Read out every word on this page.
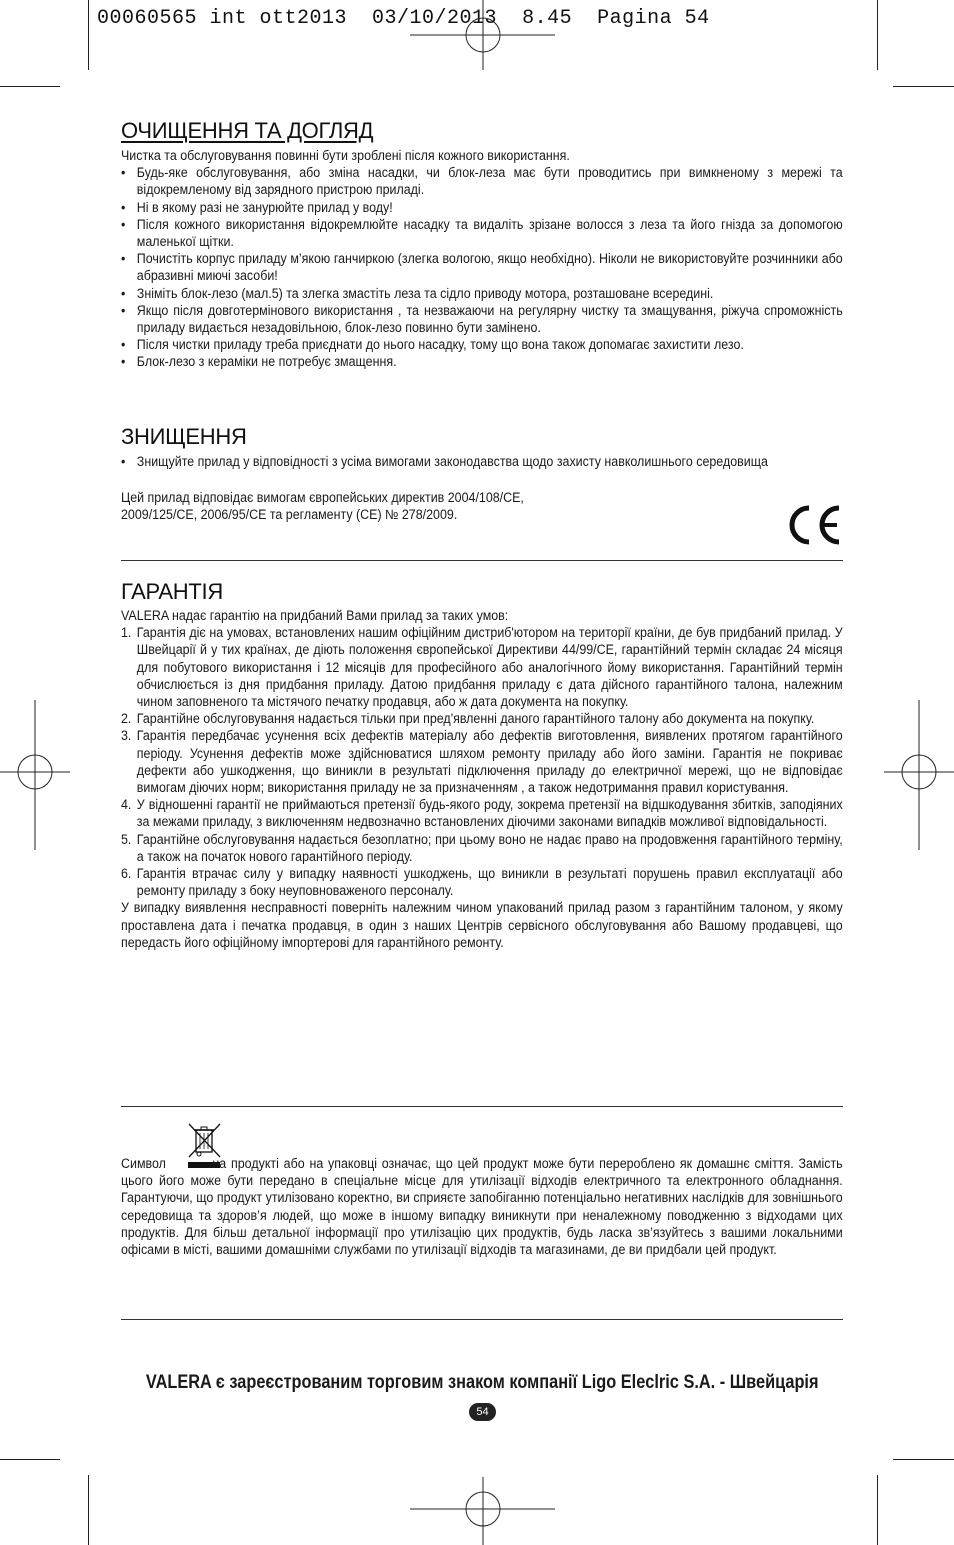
00060565 int ott2013  03/10/2013  8.45  Pagina 54
ОЧИЩЕННЯ ТА ДОГЛЯД

Чистка та обслуговування повинні бути зроблені після кожного використання.

• Будь-яке обслуговування, або зміна насадки, чи блок-леза має бути проводитись при вимкненому з мережі та відокремленому від зарядного пристрою приладі.
• Ні в якому разі не занурюйте прилад у воду!
• Після кожного використання відокремлюйте насадку та видаліть зрізане волосся з леза та його гнізда за допомогою маленької щітки.
• Почистіть корпус приладу м’якою ганчиркою (злегка вологою, якщо необхідно). Ніколи не використовуйте розчинники або абразивні миючі засоби!
• Зніміть блок-лезо (мал.5) та злегка змастіть леза та сідло приводу мотора, розташоване всередині.
• Якщо після довготермінового використання , та незважаючи на регулярну чистку та змащування, ріжуча спроможність приладу видається незадовільною, блок-лезо повинно бути замінено.
• Після чистки приладу треба приєднати до нього насадку, тому що вона також допомагає захистити лезо.
• Блок-лезо з кераміки не потребує змащення.
ЗНИЩЕННЯ
• Знищуйте прилад у відповідності з усіма вимогами законодавства щодо захисту навколишнього середовища

Цей прилад відповідає вимогам європейських директив 2004/108/CE,

2009/125/CE, 2006/95/CE та регламенту (CE) № 278/2009.

ГАРАНТІЯ

VALERA надає гарантію на придбаний Вами прилад за таких умов:

1. Гарантія діє на умовах, встановлених нашим офіційним дистриб'ютором на території країни, де був придбаний прилад. У Швейцарії й у тих країнах, де діють положення європейської Директиви 44/99/CE, гарантійний термін складає 24 місяця для побутового використання і 12 місяців для професійного або аналогічного йому використання. Гарантійний термін обчислюється із дня придбання приладу. Датою придбання приладу є дата дійсного гарантійного талона, належним чином заповненого та містячого печатку продавця, або ж дата документа на покупку.
2. Гарантійне обслуговування надається тільки при пред'явленні даного гарантійного талону або документа на покупку.
3. Гарантія передбачає усунення всіх дефектів матеріалу або дефектів виготовлення, виявлених протягом гарантійного періоду. Усунення дефектів може здійснюватися шляхом ремонту приладу або його заміни. Гарантія не покриває дефекти або ушкодження, що виникли в результаті підключення приладу до електричної мережі, що не відповідає вимогам діючих норм; використання приладу не за призначенням , а також недотримання правил користування.
4. У відношенні гарантії не приймаються претензії будь-якого роду, зокрема претензії на відшкодування збитків, заподіяних за межами приладу, з виключенням недвозначно встановлених діючими законами випадків можливої відповідальності.
5. Гарантійне обслуговування надається безоплатно; при цьому воно не надає право на продовження гарантійного терміну, а також на початок нового гарантійного періоду.
6. Гарантія втрачає силу у випадку наявності ушкоджень, що виникли в результаті порушень правил експлуатації або ремонту приладу з боку неуповноваженого персоналу.

У випадку виявлення несправності поверніть належним чином упакований прилад разом з гарантійним талоном, у якому проставлена дата і печатка продавця, в один з наших Центрів сервісного обслуговування або Вашому продавцеві, що передасть його офіційному імпортерові для гарантійного ремонту.

Символ	на продукті або на упаковці означає, що цей продукт може бути перероблено як домашнє сміття. Замість цього його може бути передано в спеціальне місце для утилізації відходів електричного та електронного обладнання. Гарантуючи, що продукт утилізовано коректно, ви сприяєте запобіганню потенціально негативних наслідків для зовнішнього середовища та здоров’я людей, що може в іншому випадку виникнути при неналежному поводженню з відходами цих продуктів. Для більш детальної інформації про утилізацію цих продуктів, будь ласка зв’язуйтесь з вашими локальними офісами в місті, вашими домашніми службами по утилізації відходів та магазинами, де ви придбали цей продукт.
VALERA є зареєстрованим торговим знаком компанії Ligo Eleclric S.A. - Швейцарія
54
